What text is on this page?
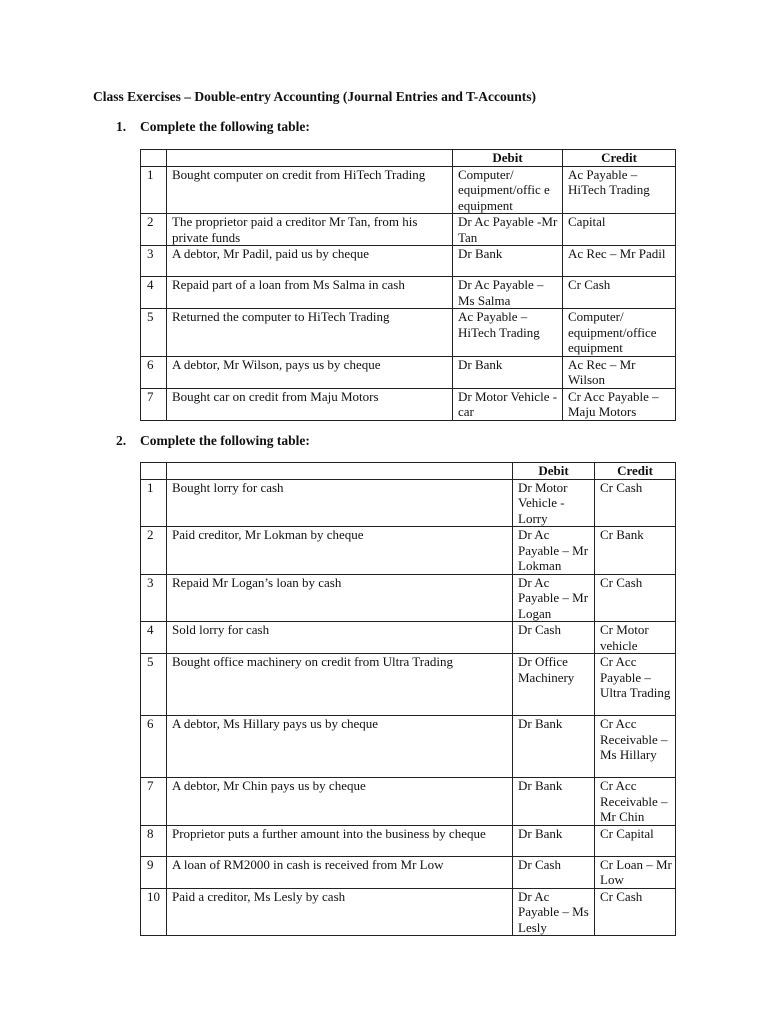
Class Exercises – Double-entry Accounting (Journal Entries and T-Accounts)
1. Complete the following table:
		Debit	Credit
1	Bought computer on credit from HiTech Trading	Computer/ equipment/offic e equipment	Ac Payable – HiTech Trading
2	The proprietor paid a creditor Mr Tan, from his private funds	Dr Ac Payable -Mr Tan	Capital
3	A debtor, Mr Padil, paid us by cheque	Dr Bank	Ac Rec – Mr Padil
4	Repaid part of a loan from Ms Salma in cash	Dr Ac Payable – Ms Salma	Cr Cash
5	Returned the computer to HiTech Trading	Ac Payable – HiTech Trading	Computer/ equipment/office equipment
6	A debtor, Mr Wilson, pays us by cheque	Dr Bank	Ac Rec – Mr Wilson
7	Bought car on credit from Maju Motors	Dr Motor Vehicle - car	Cr Acc Payable – Maju Motors
2. Complete the following table:
		Debit	Credit
1	Bought lorry for cash	Dr Motor Vehicle - Lorry	Cr Cash
2	Paid creditor, Mr Lokman by cheque	Dr Ac Payable – Mr Lokman	Cr Bank
3	Repaid Mr Logan’s loan by cash	Dr Ac Payable – Mr Logan	Cr Cash
4	Sold lorry for cash	Dr Cash	Cr Motor vehicle
5	Bought office machinery on credit from Ultra Trading	Dr Office Machinery	Cr Acc Payable – Ultra Trading
6	A debtor, Ms Hillary pays us by cheque	Dr Bank	Cr Acc Receivable – Ms Hillary
7	A debtor, Mr Chin pays us by cheque	Dr Bank	Cr Acc Receivable – Mr Chin
8	Proprietor puts a further amount into the business by cheque	Dr Bank	Cr Capital
9	A loan of RM2000 in cash is received from Mr Low	Dr Cash	Cr Loan – Mr Low
10	Paid a creditor, Ms Lesly by cash	Dr Ac Payable – Ms Lesly	Cr Cash
